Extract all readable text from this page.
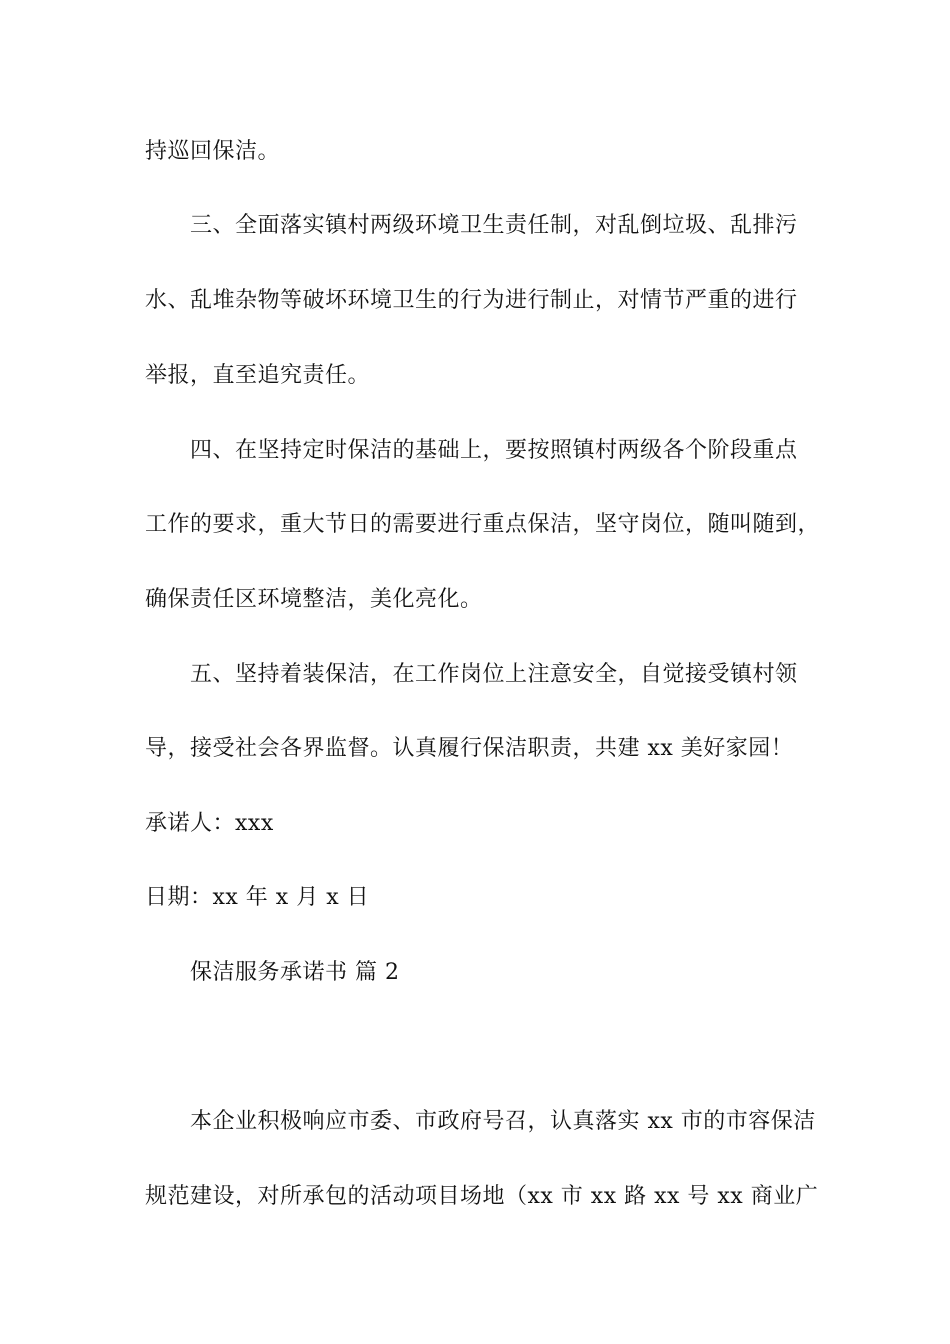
持巡回保洁。
三、全面落实镇村两级环境卫生责任制，对乱倒垃圾、乱排污
水、乱堆杂物等破坏环境卫生的行为进行制止，对情节严重的进行
举报，直至追究责任。
四、在坚持定时保洁的基础上，要按照镇村两级各个阶段重点
工作的要求，重大节日的需要进行重点保洁，坚守岗位，随叫随到，
确保责任区环境整洁，美化亮化。
五、坚持着装保洁，在工作岗位上注意安全，自觉接受镇村领
导，接受社会各界监督。认真履行保洁职责，共建 xx 美好家园！
承诺人：xxx
日期：xx 年 x 月 x 日
保洁服务承诺书 篇 2
本企业积极响应市委、市政府号召，认真落实 xx 市的市容保洁
规范建设，对所承包的活动项目场地（xx 市 xx 路 xx 号 xx 商业广
